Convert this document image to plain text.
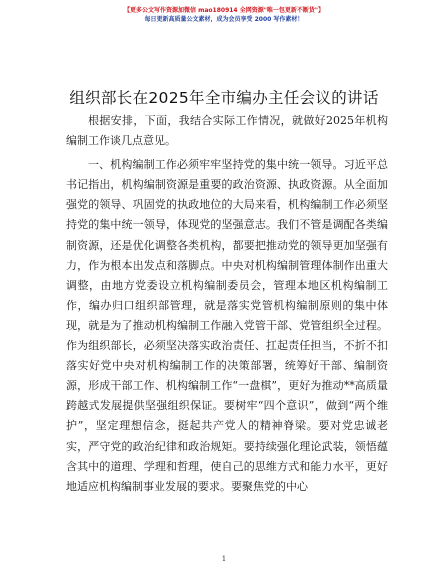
【更多公文写作资源加微信 mao180914 全网资源"唯一包更新不断货"】
每日更新高质量公文素材，成为会员享受 2000 写作素材！
组织部长在2025年全市编办主任会议的讲话

根据安排，下面，我结合实际工作情况，就做好2025年机构编制工作谈几点意见。

一、机构编制工作必须牢牢坚持党的集中统一领导。习近平总书记指出，机构编制资源是重要的政治资源、执政资源。从全面加强党的领导、巩固党的执政地位的大局来看，机构编制工作必须坚持党的集中统一领导，体现党的坚强意志。我们不管是调配各类编制资源，还是优化调整各类机构，都要把推动党的领导更加坚强有力，作为根本出发点和落脚点。中央对机构编制管理体制作出重大调整，由地方党委设立机构编制委员会，管理本地区机构编制工作，编办归口组织部管理，就是落实党管机构编制原则的集中体现，就是为了推动机构编制工作融入党管干部、党管组织全过程。作为组织部长，必须坚决落实政治责任、扛起责任担当，不折不扣落实好党中央对机构编制工作的决策部署，统筹好干部、编制资源，形成干部工作、机构编制工作“一盘棋”，更好为推动**高质量跨越式发展提供坚强组织保证。要树牢“四个意识”，做到“两个维护”，坚定理想信念，挺起共产党人的精神脊梁。要对党忠诚老实，严守党的政治纪律和政治规矩。要持续强化理论武装，领悟蕴含其中的道理、学理和哲理，使自己的思维方式和能力水平，更好地适应机构编制事业发展的要求。要聚焦党的中心

1
